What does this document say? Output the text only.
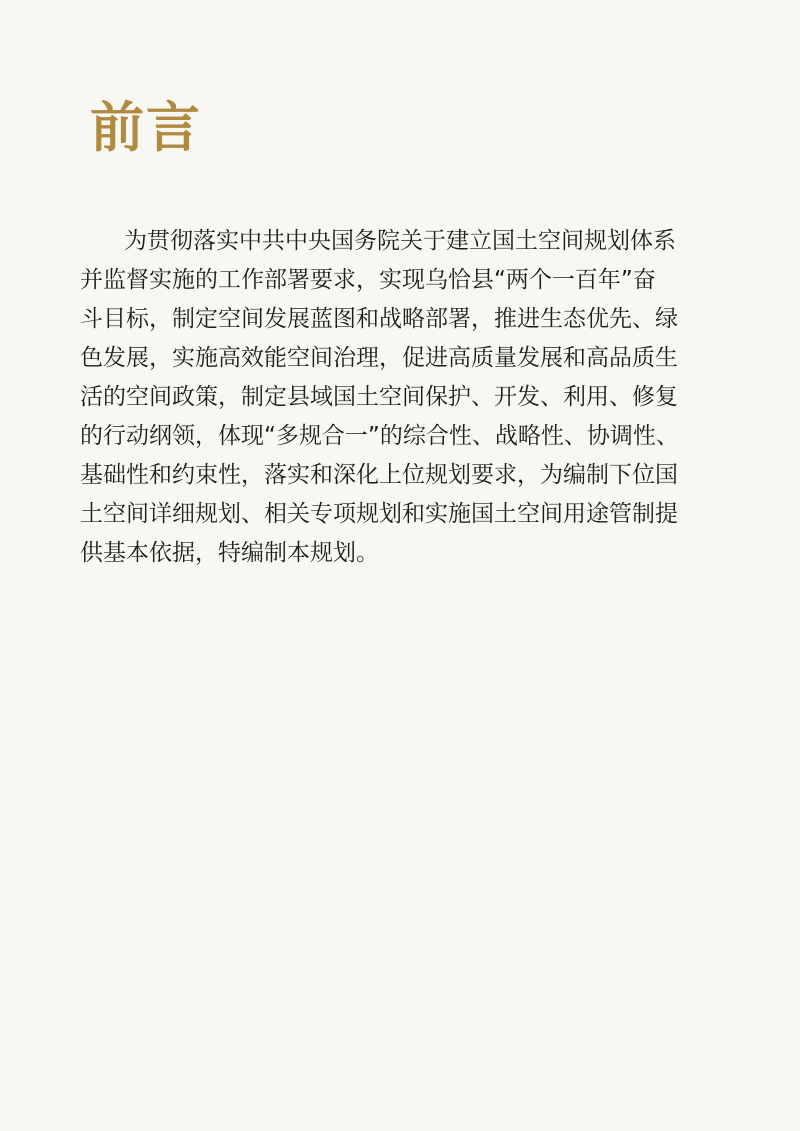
前言
为贯彻落实中共中央国务院关于建立国土空间规划体系
并监督实施的工作部署要求，实现乌恰县“两个一百年”奋
斗目标，制定空间发展蓝图和战略部署，推进生态优先、绿
色发展，实施高效能空间治理，促进高质量发展和高品质生
活的空间政策，制定县域国土空间保护、开发、利用、修复
的行动纲领，体现“多规合一”的综合性、战略性、协调性、
基础性和约束性，落实和深化上位规划要求，为编制下位国
土空间详细规划、相关专项规划和实施国土空间用途管制提
供基本依据，特编制本规划。
